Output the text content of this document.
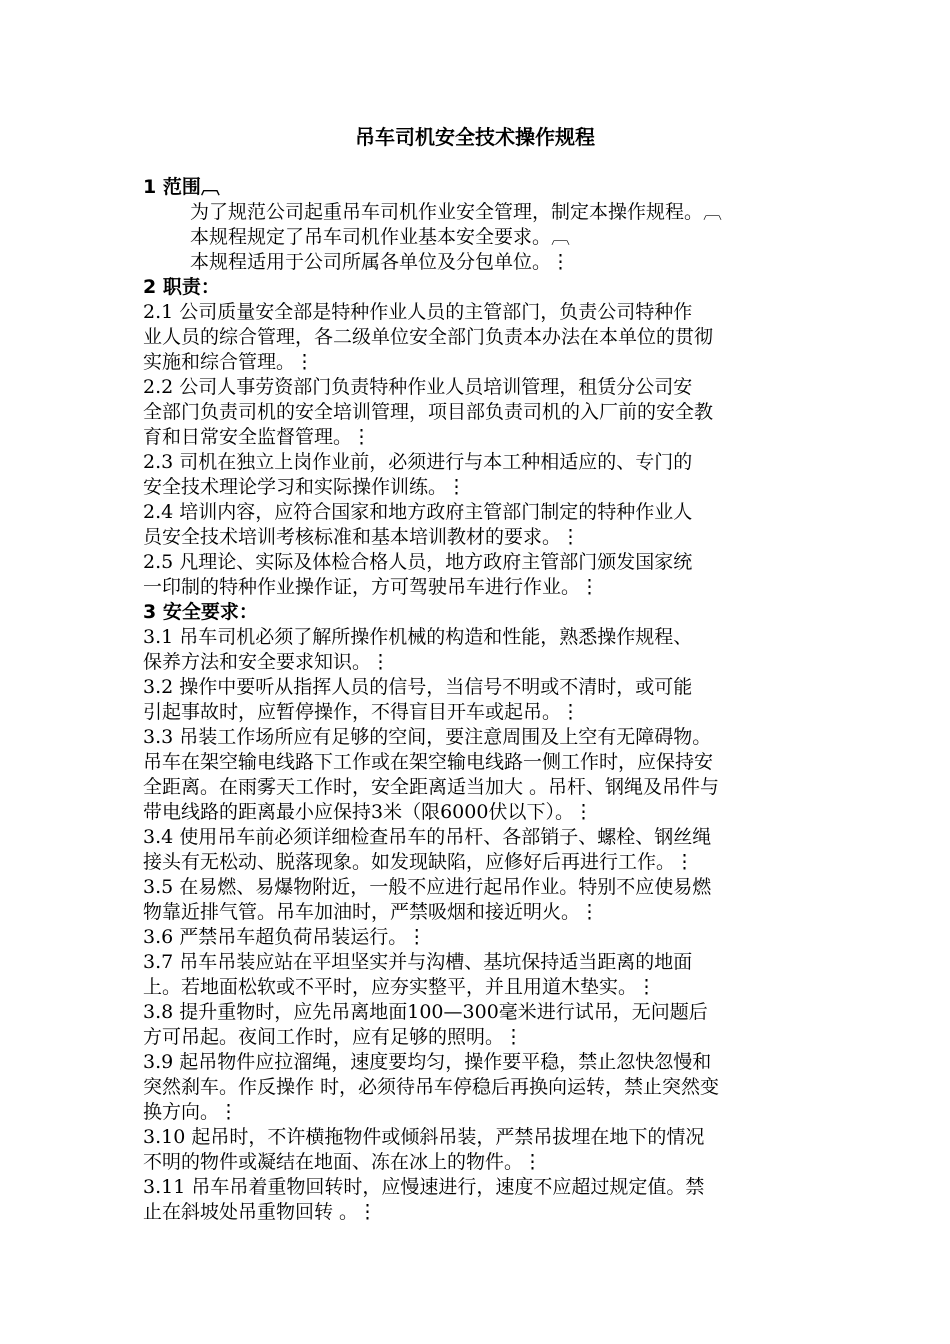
吊车司机安全技术操作规程
1 范围︹
为了规范公司起重吊车司机作业安全管理，制定本操作规程。︹
本规程规定了吊车司机作业基本安全要求。︹
本规程适用于公司所属各单位及分包单位。⋮
2 职责：
2.1 公司质量安全部是特种作业人员的主管部门，负责公司特种作
业人员的综合管理，各二级单位安全部门负责本办法在本单位的贯彻
实施和综合管理。⋮
2.2 公司人事劳资部门负责特种作业人员培训管理，租赁分公司安
全部门负责司机的安全培训管理，项目部负责司机的入厂前的安全教
育和日常安全监督管理。⋮
2.3 司机在独立上岗作业前，必须进行与本工种相适应的、专门的
安全技术理论学习和实际操作训练。⋮
2.4 培训内容，应符合国家和地方政府主管部门制定的特种作业人
员安全技术培训考核标准和基本培训教材的要求。⋮
2.5 凡理论、实际及体检合格人员，地方政府主管部门颁发国家统
一印制的特种作业操作证，方可驾驶吊车进行作业。⋮
3 安全要求：
3.1 吊车司机必须了解所操作机械的构造和性能，熟悉操作规程、
保养方法和安全要求知识。⋮
3.2 操作中要听从指挥人员的信号，当信号不明或不清时，或可能
引起事故时，应暂停操作，不得盲目开车或起吊。⋮
3.3 吊装工作场所应有足够的空间，要注意周围及上空有无障碍物。
吊车在架空输电线路下工作或在架空输电线路一侧工作时，应保持安
全距离。在雨雾天工作时，安全距离适当加大 。吊杆、钢绳及吊件与
带电线路的距离最小应保持3米（限6000伏以下）。⋮
3.4 使用吊车前必须详细检查吊车的吊杆、各部销子、螺栓、钢丝绳
接头有无松动、脱落现象。如发现缺陷，应修好后再进行工作。⋮
3.5 在易燃、易爆物附近，一般不应进行起吊作业。特别不应使易燃
物靠近排气管。吊车加油时，严禁吸烟和接近明火。⋮
3.6 严禁吊车超负荷吊装运行。⋮
3.7 吊车吊装应站在平坦坚实并与沟槽、基坑保持适当距离的地面
上。若地面松软或不平时，应夯实整平，并且用道木垫实。⋮
3.8 提升重物时，应先吊离地面100—300毫米进行试吊，无问题后
方可吊起。夜间工作时，应有足够的照明。⋮
3.9 起吊物件应拉溜绳，速度要均匀，操作要平稳，禁止忽快忽慢和
突然刹车。作反操作 时，必须待吊车停稳后再换向运转，禁止突然变
换方向。⋮
3.10 起吊时，不许横拖物件或倾斜吊装，严禁吊拔埋在地下的情况
不明的物件或凝结在地面、冻在冰上的物件。⋮
3.11 吊车吊着重物回转时，应慢速进行，速度不应超过规定值。禁
止在斜坡处吊重物回转 。⋮
